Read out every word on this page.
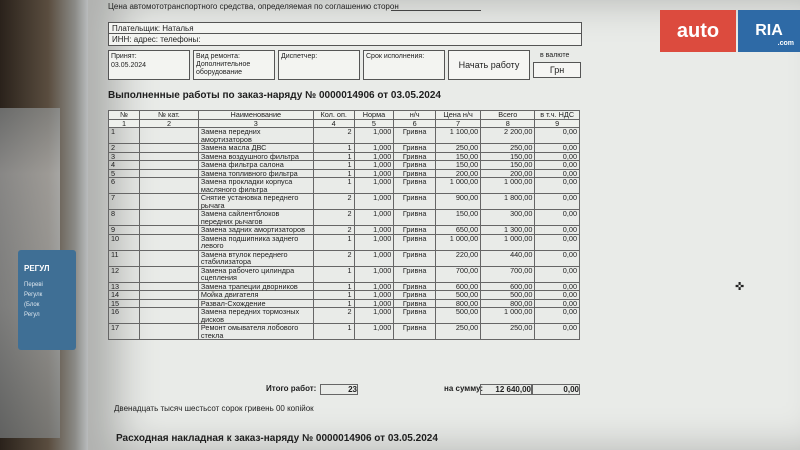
РЕГУЛ
Переві
Регулк
(Блок
Регул
Цена автомототранспортного средства, определяемая по соглашению сторон
Плательщик: Наталья
ИНН: адрес: телефоны:
Принят:
03.05.2024
Вид ремонта:
Дополнительное оборудование
Диспетчер:	Срок исполнения:
Начать работу
в валюте
Грн
Выполненные работы по заказ-наряду № 0000014906 от 03.05.2024
№	№ кат.	Наименование	Кол. оп.	Норма	н/ч	Цена н/ч	Всего	в т.ч. НДС
1	2	3	4	5	6	7	8	9
1		Замена передних амортизаторов	2	1,000	Гривна	1 100,00	2 200,00	0,00
2		Замена масла ДВС	1	1,000	Гривна	250,00	250,00	0,00
3		Замена воздушного фильтра	1	1,000	Гривна	150,00	150,00	0,00
4		Замена фильтра салона	1	1,000	Гривна	150,00	150,00	0,00
5		Замена топливного фильтра	1	1,000	Гривна	200,00	200,00	0,00
6		Замена прокладки корпуса масляного фильтра	1	1,000	Гривна	1 000,00	1 000,00	0,00
7		Снятие установка переднего рычага	2	1,000	Гривна	900,00	1 800,00	0,00
8		Замена сайлентблоков передних рычагов	2	1,000	Гривна	150,00	300,00	0,00
9		Замена задних амортизаторов	2	1,000	Гривна	650,00	1 300,00	0,00
10		Замена подшипника заднего левого	1	1,000	Гривна	1 000,00	1 000,00	0,00
11		Замена втулок переднего стабилизатора	2	1,000	Гривна	220,00	440,00	0,00
12		Замена рабочего цилиндра сцепления	1	1,000	Гривна	700,00	700,00	0,00
13		Замена трапеции дворников	1	1,000	Гривна	600,00	600,00	0,00
14		Мойка двигателя	1	1,000	Гривна	500,00	500,00	0,00
15		Развал-Схождение	1	1,000	Гривна	800,00	800,00	0,00
16		Замена передних тормозных дисков	2	1,000	Гривна	500,00	1 000,00	0,00
17		Ремонт омывателя лобового стекла	1	1,000	Гривна	250,00	250,00	0,00
Итого работ:	23	на сумму:	12 640,00	0,00
Двенадцать тысяч шестьсот сорок гривень 00 копійок
Расходная накладная к заказ-наряду № 0000014906 от 03.05.2024
auto	RIA
.com
✜
